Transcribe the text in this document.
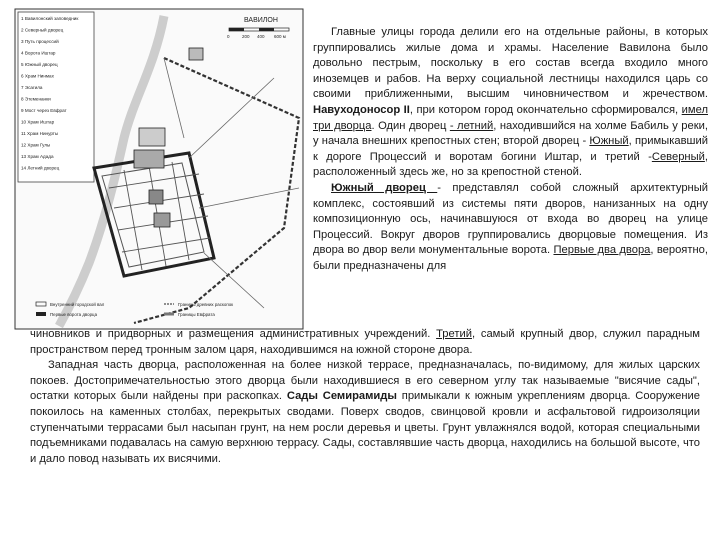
1 Вавилонский заповедник
2 Северный дворец
3 Путь процессий
4 Ворота Иштар
5 Южный дворец
6 Храм Нинмах
7 Эсагила
8 Этеменанки
9 Мост через Евфрат
10 Храм Иштар
11 Храм Нинурты
12 Храм Гулы
13 Храм Адада
14 Летний дворец
ВАВИЛОН
0	200 400 600 м
Внутренний городской вал
Первые ворота дворца
Границы древних раскопок
Границы Евфрата

Главные улицы города делили его на отдельные районы, в которых группировались жилые дома и храмы. Население Вавилона было довольно пестрым, поскольку в его состав всегда входило много иноземцев и рабов. На верху социальной лестницы находился царь со своими приближенными, высшим чиновничеством и жречеством. Навуходоносор II, при котором город окончательно сформировался, имел три дворца. Один дворец - летний, находившийся на холме Бабиль у реки, у начала внешних крепостных стен; второй дворец - Южный, примыкавший к дороге Процессий и воротам богини Иштар, и третий -Северный, расположенный здесь же, но за крепостной стеной.

Южный дворец - представлял собой сложный архитектурный комплекс, состоявший из системы пяти дворов, нанизанных на одну композиционную ось, начинавшуюся от входа во дворец на улице Процессий. Вокруг дворов группировались дворцовые помещения. Из двора во двор вели монументальные ворота. Первые два двора, вероятно, были предназначены для

чиновников и придворных и размещения административных учреждений. Третий, самый крупный двор, служил парадным пространством перед тронным залом царя, находившимся на южной стороне двора.

Западная часть дворца, расположенная на более низкой террасе, предназначалась, по-видимому, для жилых царских покоев. Достопримечательностью этого дворца были находившиеся в его северном углу так называемые "висячие сады", остатки которых были найдены при раскопках. Сады Семирамиды примыкали к южным укреплениям дворца. Сооружение покоилось на каменных столбах, перекрытых сводами. Поверх сводов, свинцовой кровли и асфальтовой гидроизоляции ступенчатыми террасами был насыпан грунт, на нем росли деревья и цветы. Грунт увлажнялся водой, которая специальными подъемниками подавалась на самую верхнюю террасу. Сады, составлявшие часть дворца, находились на большой высоте, что и дало повод называть их висячими.
